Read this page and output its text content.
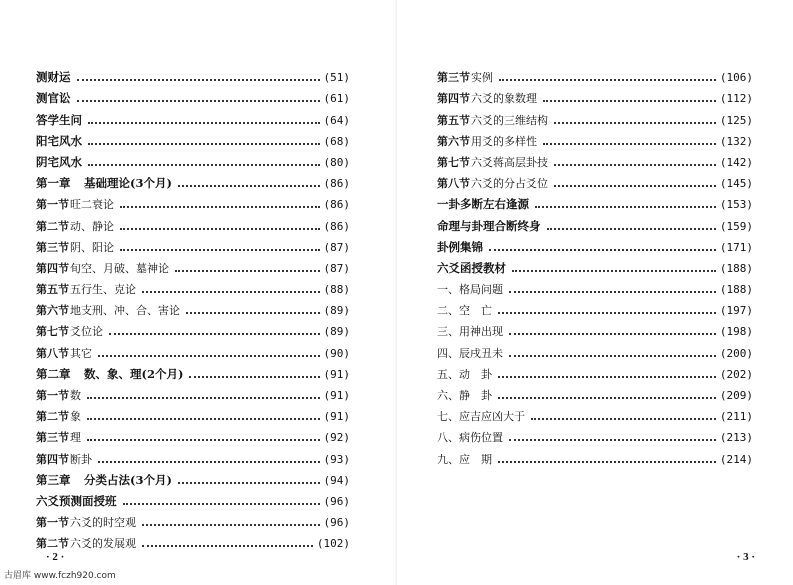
测财运	(51)
测官讼	(61)
答学生问	(64)
阳宅风水	(68)
阴宅风水	(80)
第一章	基础理论(3个月)	(86)
第一节 旺二衰论	(86)
第二节 动、静论	(86)
第三节 阴、阳论	(87)
第四节 旬空、月破、墓神论	(87)
第五节 五行生、克论	(88)
第六节 地支刑、冲、合、害论	(89)
第七节 爻位论	(89)
第八节 其它	(90)
第二章	数、象、理(2个月)	(91)
第一节 数	(91)
第二节 象	(91)
第三节 理	(92)
第四节 断卦	(93)
第三章	分类占法(3个月)	(94)
六爻预测面授班	(96)
第一节 六爻的时空观	(96)
第二节 六爻的发展观	(102)
· 2 ·
第三节 实例	(106)
第四节 六爻的象数理	(112)
第五节 六爻的三维结构	(125)
第六节 用爻的多样性	(132)
第七节 六爻蒋高层卦技	(142)
第八节 六爻的分占爻位	(145)
一卦多断左右逢源	(153)
命理与卦理合断终身	(159)
卦例集锦	(171)
六爻函授教材	(188)
一、格局问题	(188)
二、空　亡	(197)
三、用神出现	(198)
四、辰戌丑未	(200)
五、动　卦	(202)
六、静　卦	(209)
七、应吉应凶大于	(211)
八、病伤位置	(213)
九、应　期	(214)
· 3 ·
古眉库 www.fczh920.com
